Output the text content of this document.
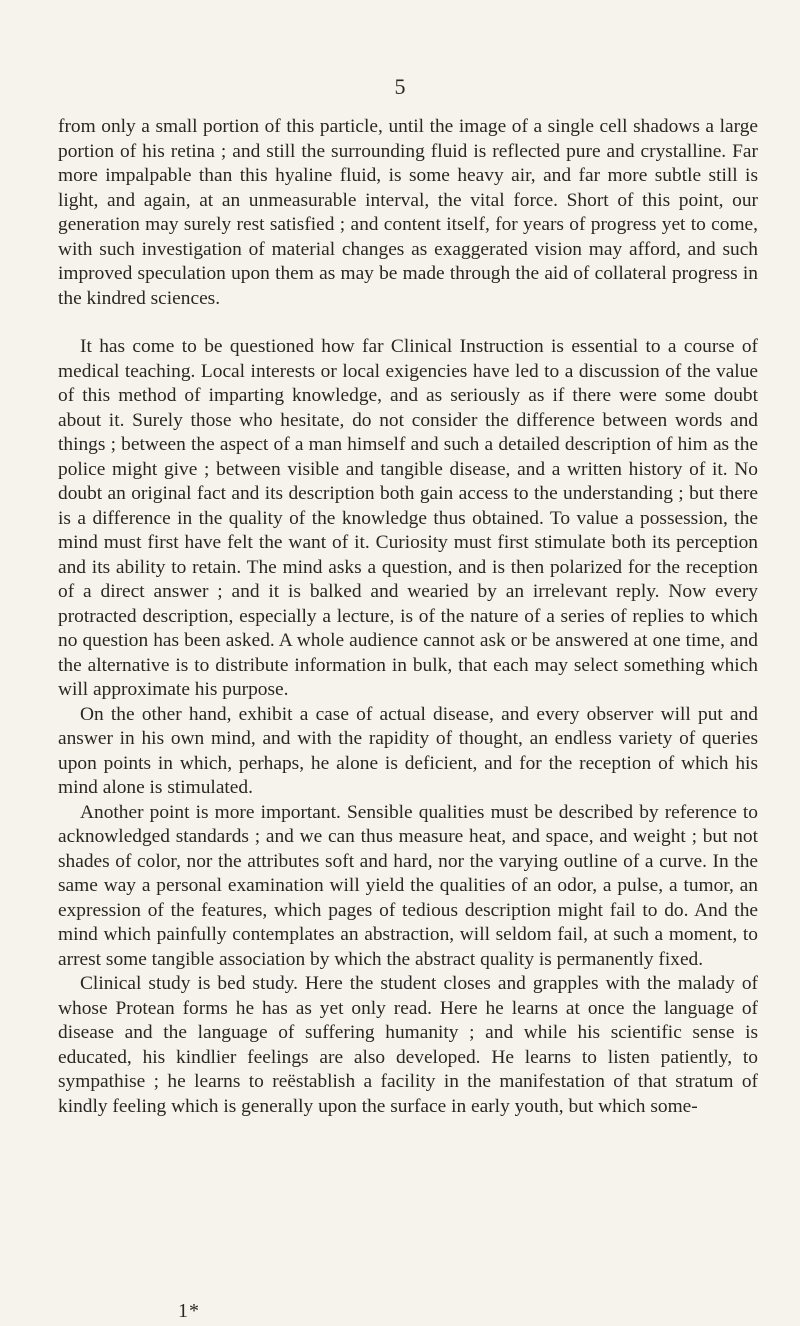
5

from only a small portion of this particle, until the image of a single cell shadows a large portion of his retina ; and still the surrounding fluid is reflected pure and crystalline. Far more impalpable than this hyaline fluid, is some heavy air, and far more subtle still is light, and again, at an unmeasurable interval, the vital force. Short of this point, our generation may surely rest satisfied ; and content itself, for years of progress yet to come, with such investigation of material changes as exaggerated vision may afford, and such improved speculation upon them as may be made through the aid of collateral progress in the kindred sciences.

It has come to be questioned how far Clinical Instruction is essential to a course of medical teaching. Local interests or local exigencies have led to a discussion of the value of this method of imparting knowledge, and as seriously as if there were some doubt about it. Surely those who hesitate, do not consider the difference between words and things ; between the aspect of a man himself and such a detailed description of him as the police might give ; between visible and tangible disease, and a written history of it. No doubt an original fact and its description both gain access to the understanding ; but there is a difference in the quality of the knowledge thus obtained. To value a possession, the mind must first have felt the want of it. Curiosity must first stimulate both its perception and its ability to retain. The mind asks a question, and is then polarized for the reception of a direct answer ; and it is balked and wearied by an irrelevant reply. Now every protracted description, especially a lecture, is of the nature of a series of replies to which no question has been asked. A whole audience cannot ask or be answered at one time, and the alternative is to distribute information in bulk, that each may select something which will approximate his purpose.

On the other hand, exhibit a case of actual disease, and every observer will put and answer in his own mind, and with the rapidity of thought, an endless variety of queries upon points in which, perhaps, he alone is deficient, and for the reception of which his mind alone is stimulated.

Another point is more important. Sensible qualities must be described by reference to acknowledged standards ; and we can thus measure heat, and space, and weight ; but not shades of color, nor the attributes soft and hard, nor the varying outline of a curve. In the same way a personal examination will yield the qualities of an odor, a pulse, a tumor, an expression of the features, which pages of tedious description might fail to do. And the mind which painfully contemplates an abstraction, will seldom fail, at such a moment, to arrest some tangible association by which the abstract quality is permanently fixed.

Clinical study is bed study. Here the student closes and grapples with the malady of whose Protean forms he has as yet only read. Here he learns at once the language of disease and the language of suffering humanity ; and while his scientific sense is educated, his kindlier feelings are also developed. He learns to listen patiently, to sympathise ; he learns to reëstablish a facility in the manifestation of that stratum of kindly feeling which is generally upon the surface in early youth, but which some-

1*
